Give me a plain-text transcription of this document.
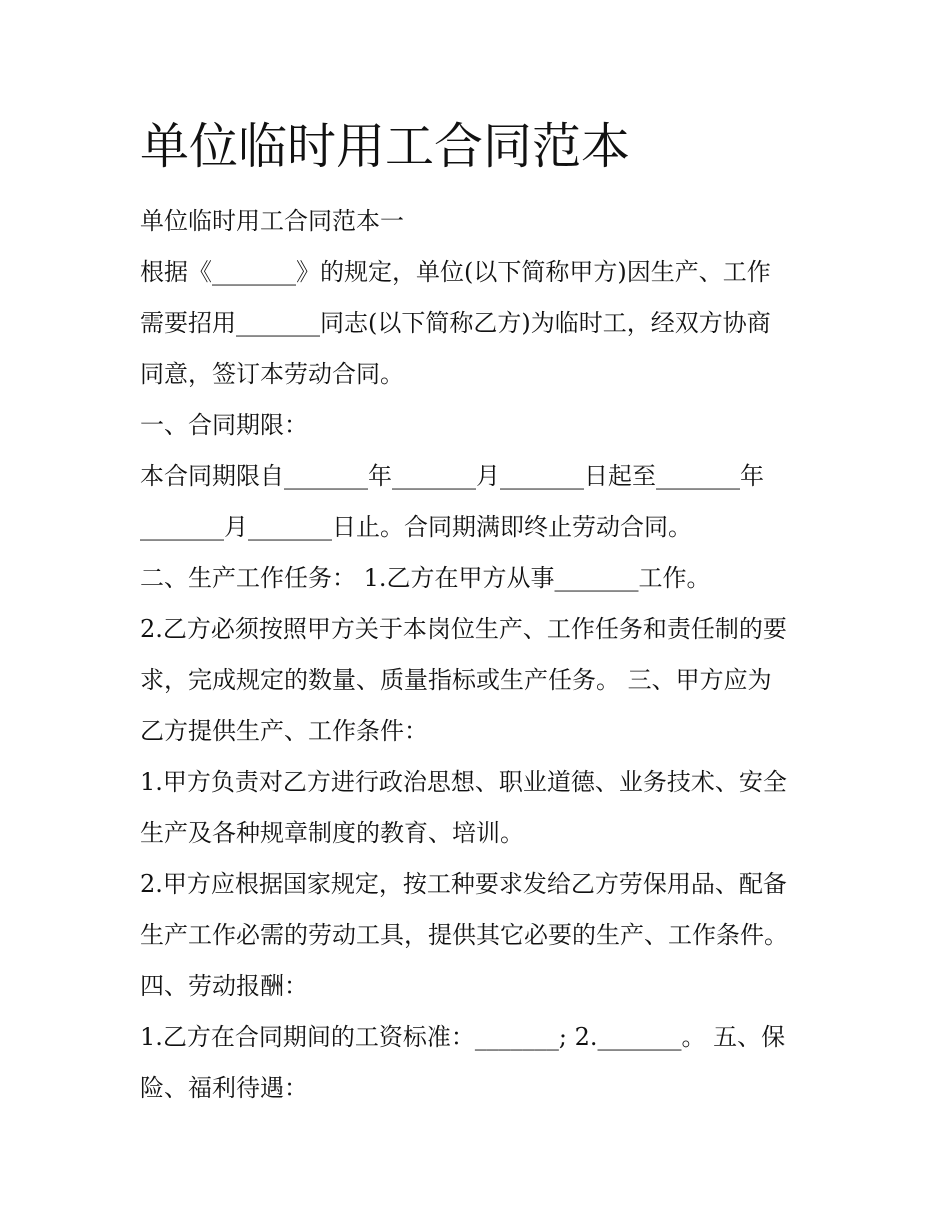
单位临时用工合同范本
单位临时用工合同范本一
根据《_______》的规定，单位(以下简称甲方)因生产、工作
需要招用_______同志(以下简称乙方)为临时工，经双方协商
同意，签订本劳动合同。
一、合同期限：
本合同期限自_______年_______月_______日起至_______年
_______月_______日止。合同期满即终止劳动合同。
二、生产工作任务： 1.乙方在甲方从事_______工作。
2.乙方必须按照甲方关于本岗位生产、工作任务和责任制的要
求，完成规定的数量、质量指标或生产任务。 三、甲方应为
乙方提供生产、工作条件：
1.甲方负责对乙方进行政治思想、职业道德、业务技术、安全
生产及各种规章制度的教育、培训。
2.甲方应根据国家规定，按工种要求发给乙方劳保用品、配备
生产工作必需的劳动工具，提供其它必要的生产、工作条件。
四、劳动报酬：
1.乙方在合同期间的工资标准：_______; 2._______。 五、保
险、福利待遇：
